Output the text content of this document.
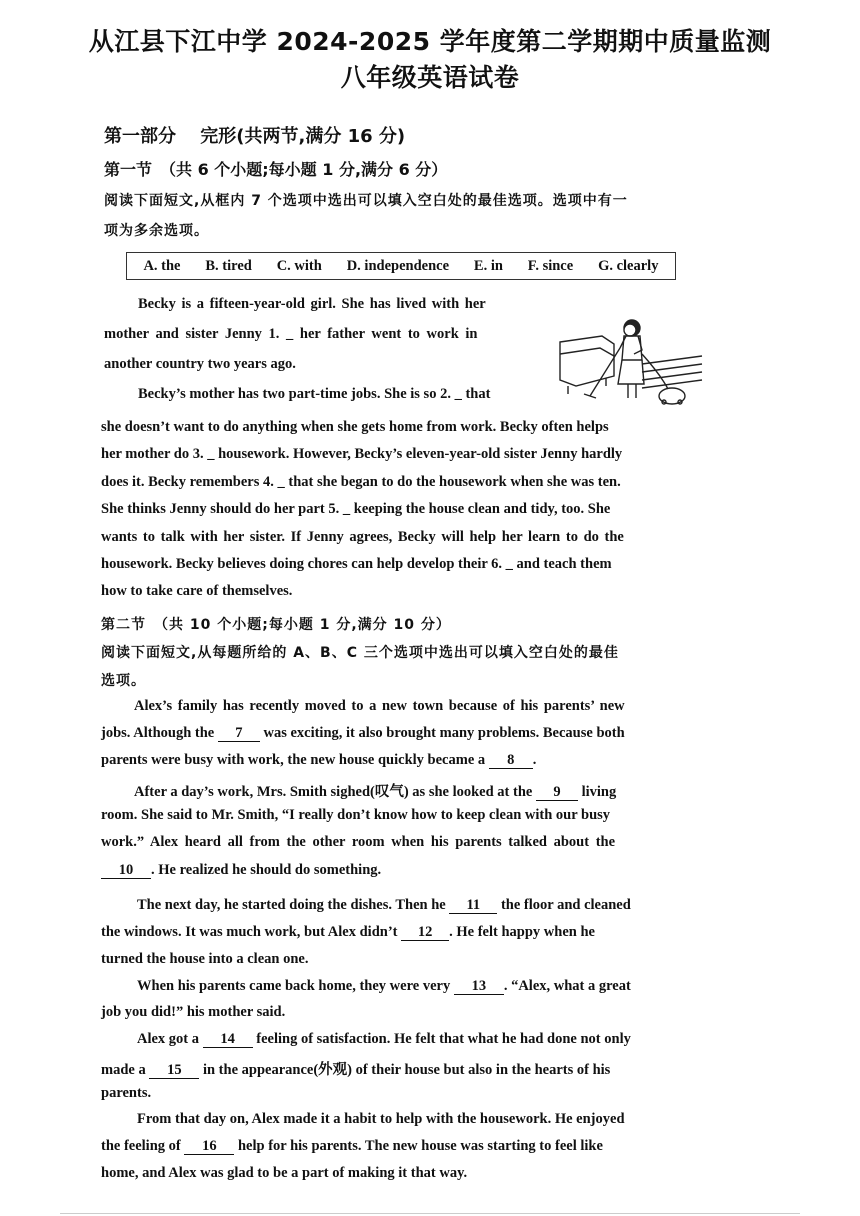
从江县下江中学 2024-2025 学年度第二学期期中质量监测
八年级英语试卷
第一部分　 完形(共两节,满分 16 分)
第一节　（共 6 个小题;每小题 1 分,满分 6 分）
阅读下面短文,从框内 7 个选项中选出可以填入空白处的最佳选项。选项中有一
项为多余选项。
A. the B. tired C. with D. independence E. in F. since G. clearly
Becky is a fifteen-year-old girl. She has lived with her
mother and sister Jenny 1. _ her father went to work in
another country two years ago.
Becky’s mother has two part-time jobs. She is so 2. _ that
she doesn’t want to do anything when she gets home from work. Becky often helps
her mother do 3. _ housework. However, Becky’s eleven-year-old sister Jenny hardly
does it. Becky remembers 4. _ that she began to do the housework when she was ten.
She thinks Jenny should do her part 5. _ keeping the house clean and tidy, too. She
wants to talk with her sister. If Jenny agrees, Becky will help her learn to do the
housework. Becky believes doing chores can help develop their 6. _ and teach them
how to take care of themselves.
第二节　（共 10 个小题;每小题 1 分,满分 10 分）
阅读下面短文,从每题所给的 A、B、C 三个选项中选出可以填入空白处的最佳
选项。
Alex’s family has recently moved to a new town because of his parents’ new
jobs. Although the 7 was exciting, it also brought many problems. Because both
parents were busy with work, the new house quickly became a 8 .
After a day’s work, Mrs. Smith sighed(叹气) as she looked at the 9 living
room. She said to Mr. Smith, “I really don’t know how to keep clean with our busy
work.” Alex heard all from the other room when his parents talked about the
10 . He realized he should do something.
The next day, he started doing the dishes. Then he 11 the floor and cleaned
the windows. It was much work, but Alex didn’t 12 . He felt happy when he
turned the house into a clean one.
When his parents came back home, they were very 13 . “Alex, what a great
job you did!” his mother said.
Alex got a 14 feeling of satisfaction. He felt that what he had done not only
made a 15 in the appearance(外观) of their house but also in the hearts of his
parents.
From that day on, Alex made it a habit to help with the housework. He enjoyed
the feeling of 16 help for his parents. The new house was starting to feel like
home, and Alex was glad to be a part of making it that way.
